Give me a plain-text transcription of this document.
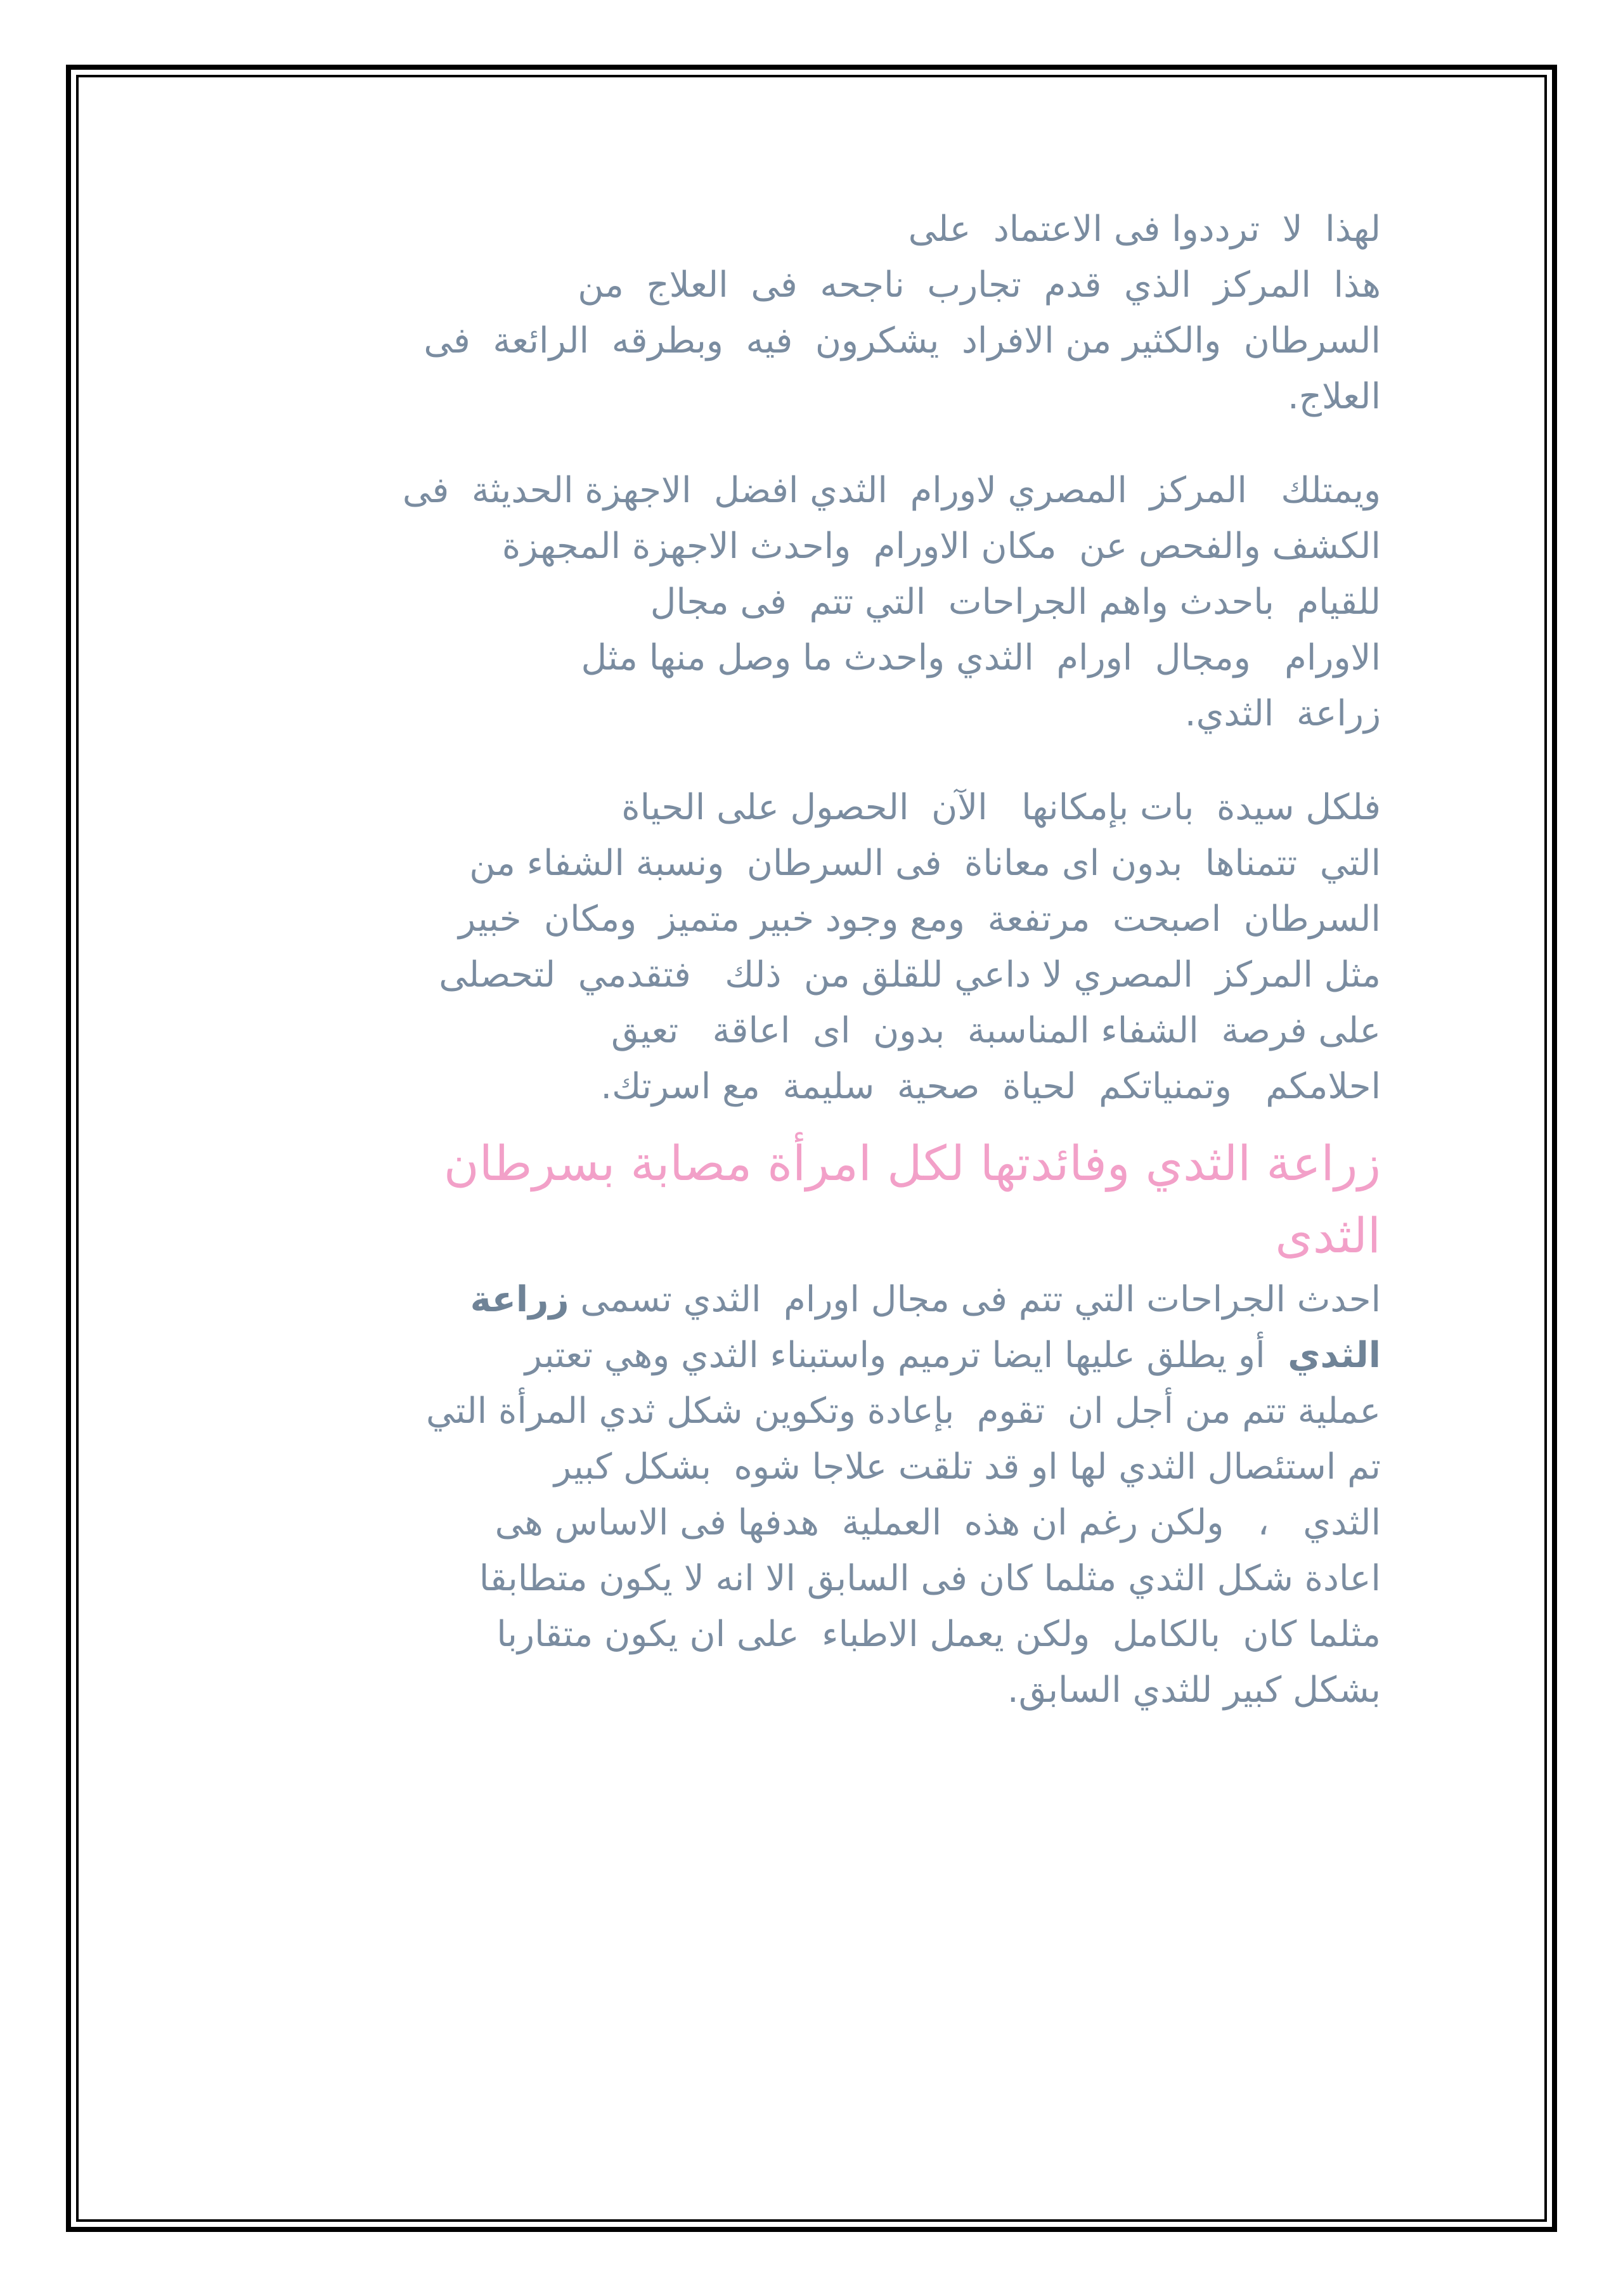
لهذا  لا  ترددوا فى الاعتماد  على
هذا  المركز  الذي  قدم  تجارب  ناجحه  فى  العلاج  من
السرطان  والكثير من الافراد  يشكرون  فيه  وبطرقه  الرائعة  فى
العلاج.

ويمتلك   المركز  المصري لاورام  الثدي افضل  الاجهزة الحديثة  فى
الكشف والفحص عن  مكان الاورام  واحدث الاجهزة المجهزة
للقيام  باحدث واهم الجراحات  التي تتم  فى مجال
الاورام   ومجال  اورام  الثدي واحدث ما وصل منها مثل
زراعة  الثدي.

فلكل سيدة  بات بإمكانها   الآن  الحصول على الحياة
التي  تتمناها  بدون اى معاناة  فى السرطان  ونسبة الشفاء من
السرطان  اصبحت  مرتفعة  ومع وجود خبير متميز  ومكان  خبير
مثل المركز  المصري لا داعي للقلق من  ذلك   فتقدمي  لتحصلى
على فرصة  الشفاء المناسبة  بدون  اى  اعاقة   تعيق
احلامكم   وتمنياتكم  لحياة  صحية  سليمة  مع اسرتك.

زراعة الثدي وفائدتها لكل امرأة مصابة بسرطان
الثدى

احدث الجراحات التي تتم فى مجال اورام  الثدي تسمى زراعة
الثدي  أو يطلق عليها ايضا ترميم واستبناء الثدي وهي تعتبر
عملية تتم من أجل ان  تقوم  بإعادة وتكوين شكل ثدي المرأة التي
تم استئصال الثدي لها او قد تلقت علاجا شوه  بشكل كبير
الثدي   ،   ولكن رغم ان هذه  العملية  هدفها فى الاساس هى
اعادة شكل الثدي مثلما كان فى السابق الا انه لا يكون متطابقا
مثلما كان  بالكامل  ولكن يعمل الاطباء  على ان يكون متقاربا
بشكل كبير للثدي السابق.
